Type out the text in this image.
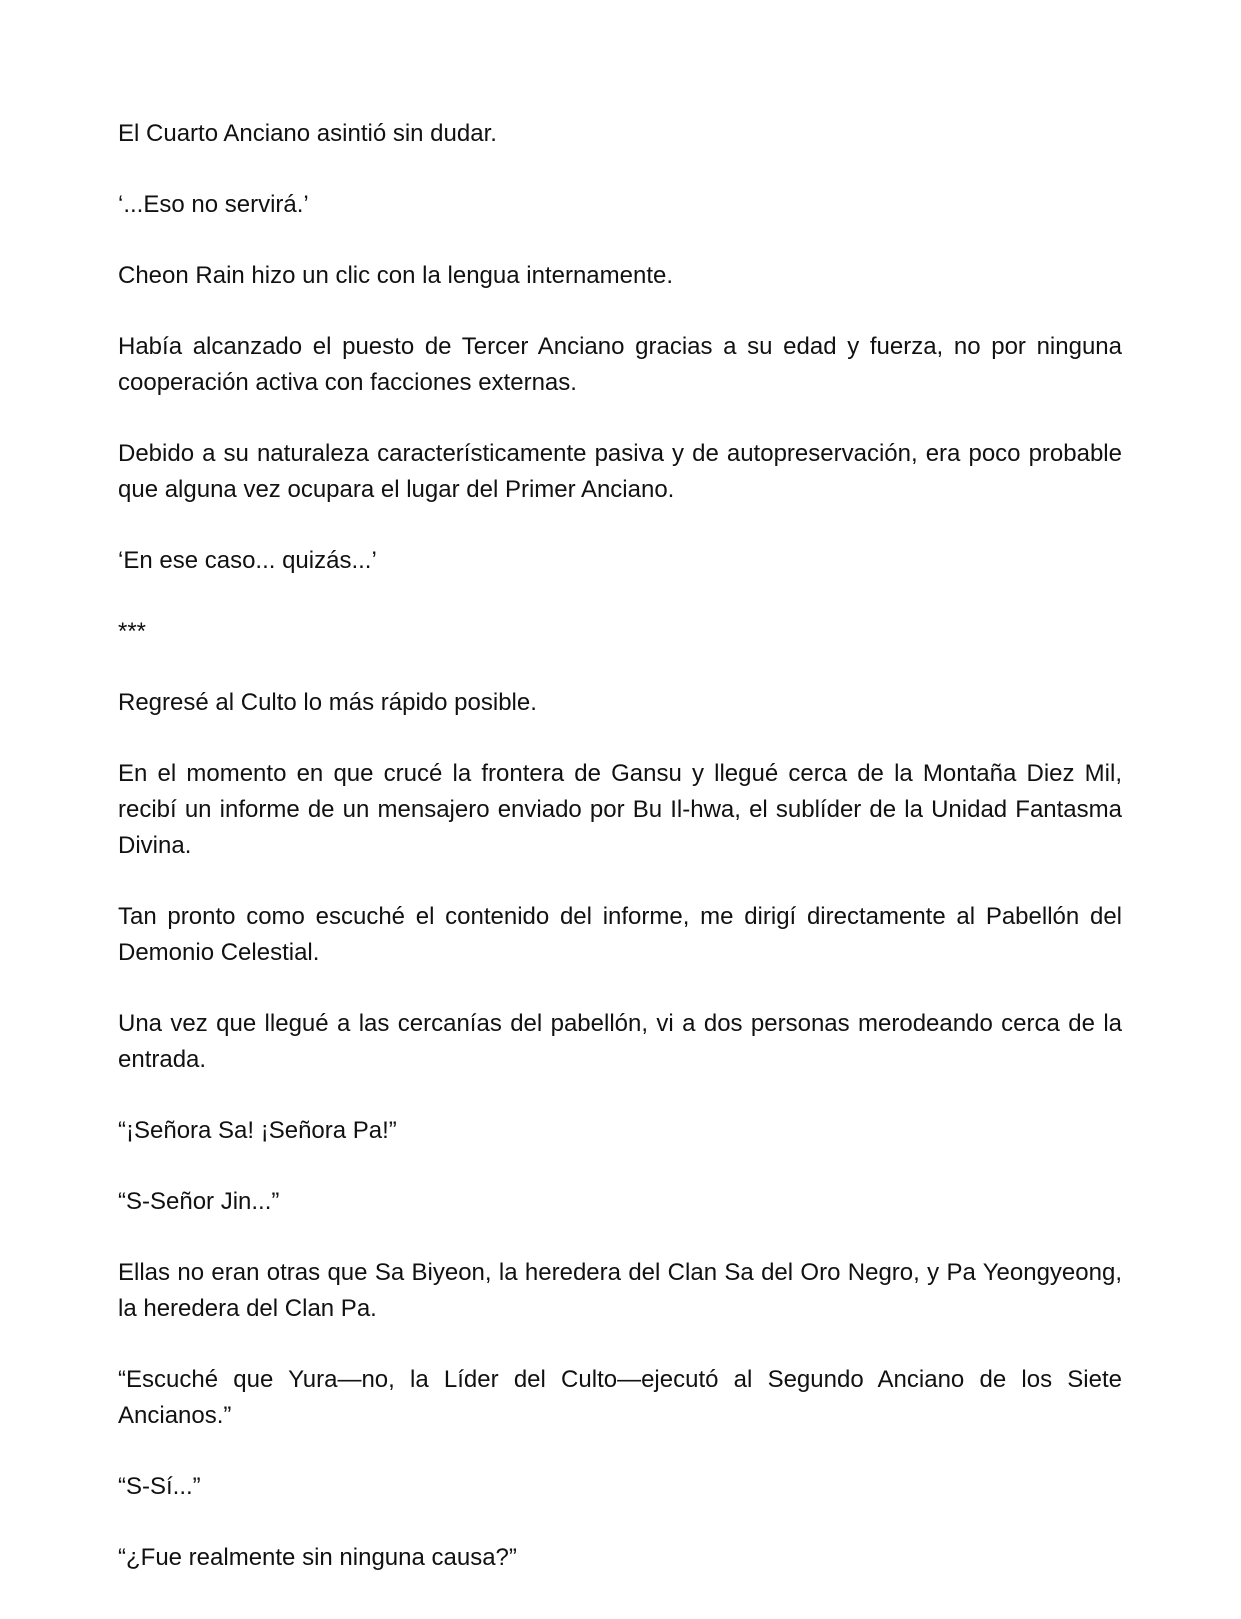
El Cuarto Anciano asintió sin dudar.

‘...Eso no servirá.’

Cheon Rain hizo un clic con la lengua internamente.

Había alcanzado el puesto de Tercer Anciano gracias a su edad y fuerza, no por ninguna cooperación activa con facciones externas.

Debido a su naturaleza característicamente pasiva y de autopreservación, era poco probable que alguna vez ocupara el lugar del Primer Anciano.

‘En ese caso... quizás...’

***

Regresé al Culto lo más rápido posible.

En el momento en que crucé la frontera de Gansu y llegué cerca de la Montaña Diez Mil, recibí un informe de un mensajero enviado por Bu Il-hwa, el sublíder de la Unidad Fantasma Divina.

Tan pronto como escuché el contenido del informe, me dirigí directamente al Pabellón del Demonio Celestial.

Una vez que llegué a las cercanías del pabellón, vi a dos personas merodeando cerca de la entrada.

“¡Señora Sa! ¡Señora Pa!”

“S-Señor Jin...”

Ellas no eran otras que Sa Biyeon, la heredera del Clan Sa del Oro Negro, y Pa Yeongyeong, la heredera del Clan Pa.

“Escuché que Yura—no, la Líder del Culto—ejecutó al Segundo Anciano de los Siete Ancianos.”

“S-Sí...”

“¿Fue realmente sin ninguna causa?”
